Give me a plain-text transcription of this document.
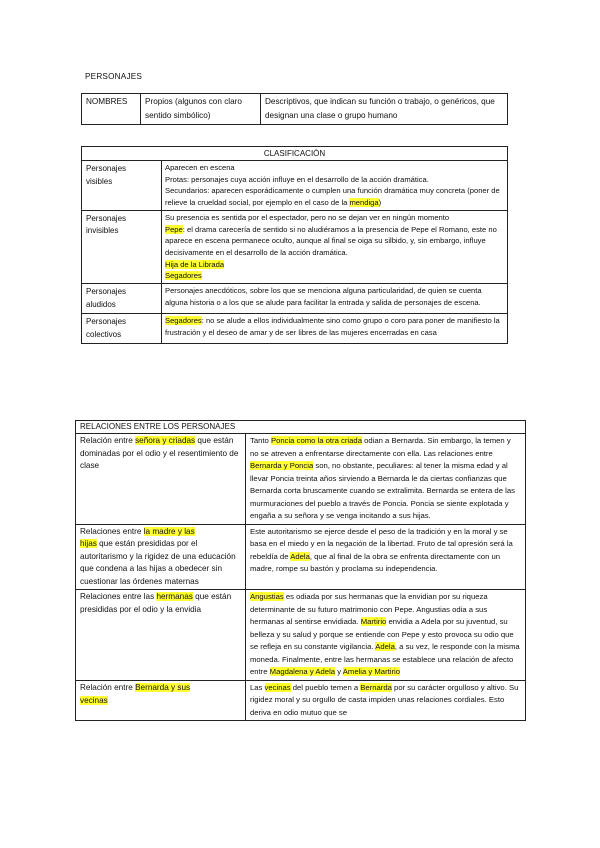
PERSONAJES
NOMBRES	Propios (algunos con claro sentido simbólico)	Descriptivos, que indican su función o trabajo, o genéricos, que designan una clase o grupo humano
CLASIFICACIÓN	
Personajes
visibles	Aparecen en escena
Protas: personajes cuya acción influye en el desarrollo de la acción dramática.
Secundarios: aparecen esporádicamente o cumplen una función dramática muy concreta (poner de relieve la crueldad social, por ejemplo en el caso de la mendiga)
Personajes
invisibles	Su presencia es sentida por el espectador, pero no se dejan ver en ningún momento
Pepe: el drama carecería de sentido si no aludiéramos a la presencia de Pepe el Romano, este no aparece en escena permanece oculto, aunque al final se oiga su silbido, y, sin embargo, influye decisivamente en el desarrollo de la acción dramática.
Hija de la Librada
Segadores
Personajes
aludidos	Personajes anecdóticos, sobre los que se menciona alguna particularidad, de quien se cuenta alguna historia o a los que se alude para facilitar la entrada y salida de personajes de escena.
Personajes
colectivos	Segadores: no se alude a ellos individualmente sino como grupo o coro para poner de manifiesto la frustración y el deseo de amar y de ser libres de las mujeres encerradas en casa
RELACIONES ENTRE LOS PERSONAJES	
Relación entre señora y criadas que están dominadas por el odio y el resentimiento de clase	Tanto Poncia como la otra criada odian a Bernarda. Sin embargo, la temen y no se atreven a enfrentarse directamente con ella. Las relaciones entre Bernarda y Poncia son, no obstante, peculiares: al tener la misma edad y al llevar Poncia treinta años sirviendo a Bernarda le da ciertas confianzas que Bernarda corta bruscamente cuando se extralimita. Bernarda se entera de las murmuraciones del pueblo a través de Poncia. Poncia se siente explotada y engaña a su señora y se venga incitando a sus hijas.
Relaciones entre la madre y las
hijas que están presididas por el autoritarismo y la rigidez de una educación que condena a las hijas a obedecer sin cuestionar las órdenes maternas	Este autoritarismo se ejerce desde el peso de la tradición y en la moral y se basa en el miedo y en la negación de la libertad. Fruto de tal opresión será la rebeldía de Adela, que al final de la obra se enfrenta directamente con un madre, rompe su bastón y proclama su independencia.
Relaciones entre las hermanas que están presididas por el odio y la envidia	Angustias es odiada por sus hermanas que la envidian por su riqueza determinante de su futuro matrimonio con Pepe. Angustias odia a sus hermanas al sentirse envidiada. Martirio envidia a Adela por su juventud, su belleza y su salud y porque se entiende con Pepe y esto provoca su odio que se refleja en su constante vigilancia. Adela, a su vez, le responde con la misma moneda. Finalmente, entre las hermanas se establece una relación de afecto entre Magdalena y Adela y Amelia y Martirio
Relación entre Bernarda y sus
vecinas	Las vecinas del pueblo temen a Bernarda por su carácter orgulloso y altivo. Su rigidez moral y su orgullo de casta impiden unas relaciones cordiales. Esto deriva en odio mutuo que se
